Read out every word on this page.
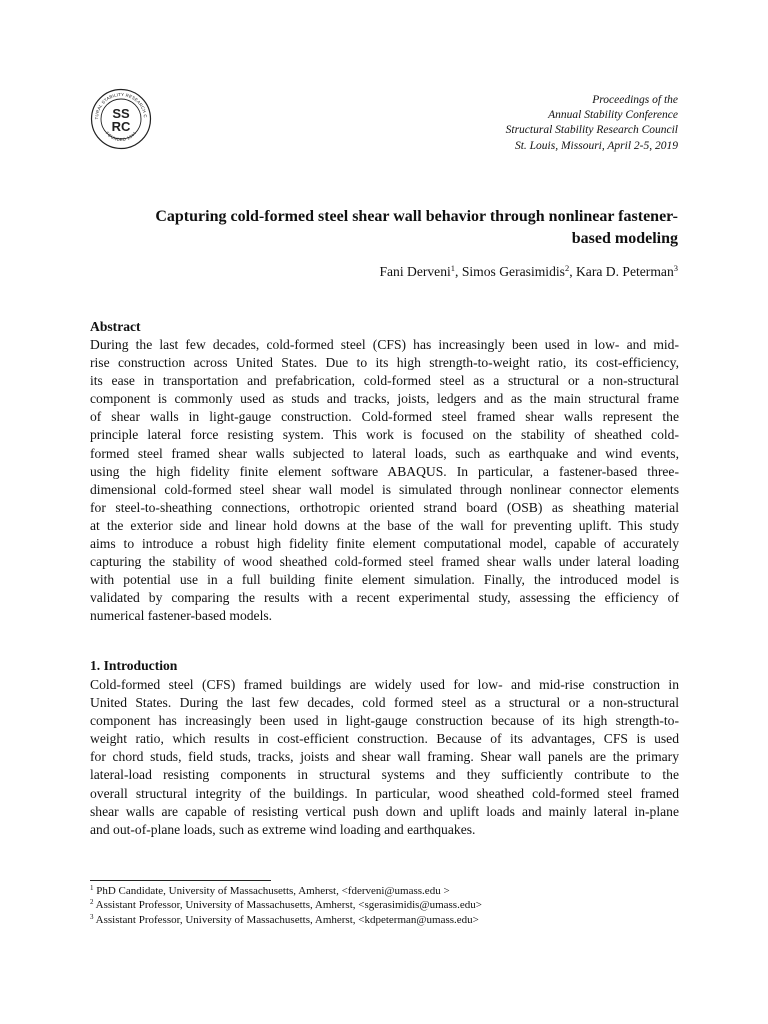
TURAL STABILITY RESEARCH C
FOUNDED 1944
SS
RC
Proceedings of the
Annual Stability Conference
Structural Stability Research Council
St. Louis, Missouri, April 2-5, 2019
Capturing cold-formed steel shear wall behavior through nonlinear fastener-
based modeling
Fani Derveni$^1$, Simos Gerasimidis$^2$, Kara D. Peterman$^3$
Abstract
During the last few decades, cold-formed steel (CFS) has increasingly been used in low- and mid-
rise construction across United States. Due to its high strength-to-weight ratio, its cost-efficiency,
its ease in transportation and prefabrication, cold-formed steel as a structural or a non-structural
component is commonly used as studs and tracks, joists, ledgers and as the main structural frame
of shear walls in light-gauge construction. Cold-formed steel framed shear walls represent the
principle lateral force resisting system. This work is focused on the stability of sheathed cold-
formed steel framed shear walls subjected to lateral loads, such as earthquake and wind events,
using the high fidelity finite element software ABAQUS. In particular, a fastener-based three-
dimensional cold-formed steel shear wall model is simulated through nonlinear connector elements
for steel-to-sheathing connections, orthotropic oriented strand board (OSB) as sheathing material
at the exterior side and linear hold downs at the base of the wall for preventing uplift. This study
aims to introduce a robust high fidelity finite element computational model, capable of accurately
capturing the stability of wood sheathed cold-formed steel framed shear walls under lateral loading
with potential use in a full building finite element simulation. Finally, the introduced model is
validated by comparing the results with a recent experimental study, assessing the efficiency of
numerical fastener-based models.
1. Introduction
Cold-formed steel (CFS) framed buildings are widely used for low- and mid-rise construction in
United States. During the last few decades, cold formed steel as a structural or a non-structural
component has increasingly been used in light-gauge construction because of its high strength-to-
weight ratio, which results in cost-efficient construction. Because of its advantages, CFS is used
for chord studs, field studs, tracks, joists and shear wall framing. Shear wall panels are the primary
lateral-load resisting components in structural systems and they sufficiently contribute to the
overall structural integrity of the buildings. In particular, wood sheathed cold-formed steel framed
shear walls are capable of resisting vertical push down and uplift loads and mainly lateral in-plane
and out-of-plane loads, such as extreme wind loading and earthquakes.
$^1$ PhD Candidate, University of Massachusetts, Amherst, <fderveni@umass.edu >
$^2$ Assistant Professor, University of Massachusetts, Amherst, <sgerasimidis@umass.edu>
$^3$ Assistant Professor, University of Massachusetts, Amherst, <kdpeterman@umass.edu>
